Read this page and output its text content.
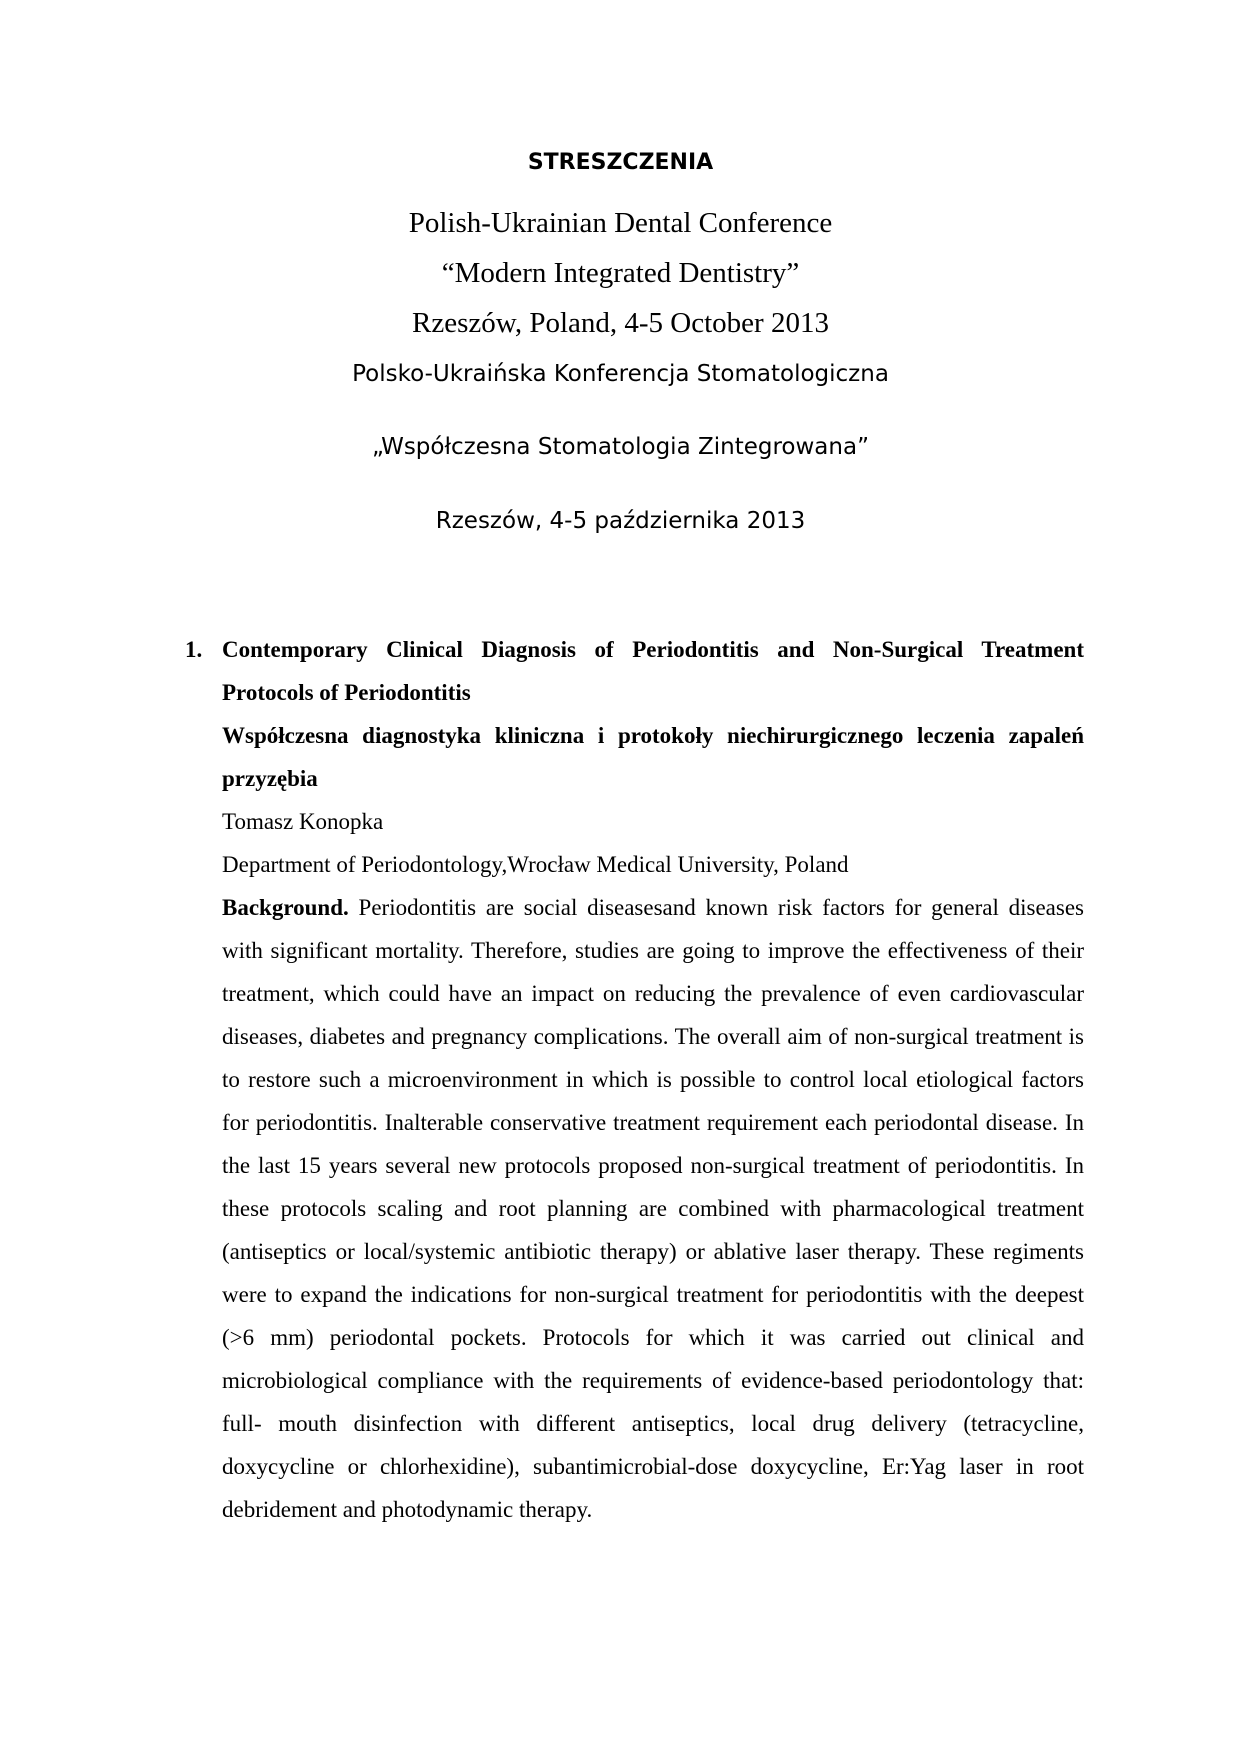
STRESZCZENIA
Polish-Ukrainian Dental Conference
“Modern Integrated Dentistry”
Rzeszów, Poland, 4-5 October 2013
Polsko-Ukraińska Konferencja Stomatologiczna
„Współczesna Stomatologia Zintegrowana”
Rzeszów, 4-5 października 2013
1. Contemporary Clinical Diagnosis of Periodontitis and Non-Surgical Treatment Protocols of Periodontitis

Współczesna diagnostyka kliniczna i protokoły niechirurgicznego leczenia zapaleń przyzębia

Tomasz Konopka

Department of Periodontology,Wrocław Medical University, Poland

Background. Periodontitis are social diseasesand known risk factors for general diseases with significant mortality. Therefore, studies are going to improve the effectiveness of their treatment, which could have an impact on reducing the prevalence of even cardiovascular diseases, diabetes and pregnancy complications. The overall aim of non-surgical treatment is to restore such a microenvironment in which is possible to control local etiological factors for periodontitis. Inalterable conservative treatment requirement each periodontal disease. In the last 15 years several new protocols proposed non-surgical treatment of periodontitis. In these protocols scaling and root planning are combined with pharmacological treatment (antiseptics or local/systemic antibiotic therapy) or ablative laser therapy. These regiments were to expand the indications for non-surgical treatment for periodontitis with the deepest (>6 mm) periodontal pockets. Protocols for which it was carried out clinical and microbiological compliance with the requirements of evidence-based periodontology that: full- mouth disinfection with different antiseptics, local drug delivery (tetracycline, doxycycline or chlorhexidine), subantimicrobial-dose doxycycline, Er:Yag laser in root debridement and photodynamic therapy.
